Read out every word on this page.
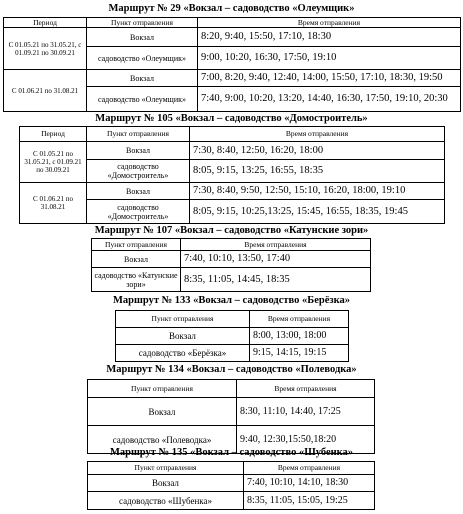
Маршрут № 29 «Вокзал – садоводство «Олеумщик»
Период	Пункт отправления	Время отправления
С 01.05.21 по 31.05.21, с 01.09.21 по 30.09.21	Вокзал	8:20, 9:40, 15:50, 17:10, 18:30
	садоводство «Олеумщик»	9:00, 10:20, 16:30, 17:50, 19:10
С 01.06.21 по 31.08.21	Вокзал	7:00, 8:20, 9:40, 12:40, 14:00, 15:50, 17:10, 18:30, 19:50
	садоводство «Олеумщик»	7:40, 9:00, 10:20, 13:20, 14:40, 16:30, 17:50, 19:10, 20:30
Маршрут № 105 «Вокзал – садоводство «Домостроитель»
Период	Пункт отправления	Время отправления
С 01.05.21 по 31.05.21, с 01.09.21 по 30.09.21	Вокзал	7:30, 8:40, 12:50, 16:20, 18:00
	садоводство «Домостроитель»	8:05, 9:15, 13:25, 16:55, 18:35
С 01.06.21 по 31.08.21	Вокзал	7:30, 8:40, 9:50, 12:50, 15:10, 16:20, 18:00, 19:10
	садоводство «Домостроитель»	8:05, 9:15, 10:25,13:25, 15:45, 16:55, 18:35, 19:45
Маршрут № 107 «Вокзал – садоводство «Катунские зори»
Пункт отправления	Время отправления
Вокзал	7:40, 10:10, 13:50, 17:40
садоводство «Катунские зори»	8:35, 11:05, 14:45, 18:35
Маршрут № 133 «Вокзал – садоводство «Берёзка»
Пункт отправления	Время отправления
Вокзал	8:00, 13:00, 18:00
садоводство «Берёзка»	9:15, 14:15, 19:15
Маршрут № 134 «Вокзал – садоводство «Полеводка»
Пункт отправления	Время отправления
Вокзал	8:30, 11:10, 14:40, 17:25
садоводство «Полеводка»	9:40, 12:30,15:50,18:20
Маршрут № 135 «Вокзал – садоводство «Шубенка»
Пункт отправления	Время отправления
Вокзал	7:40, 10:10, 14:10, 18:30
садоводство «Шубенка»	8:35, 11:05, 15:05, 19:25
